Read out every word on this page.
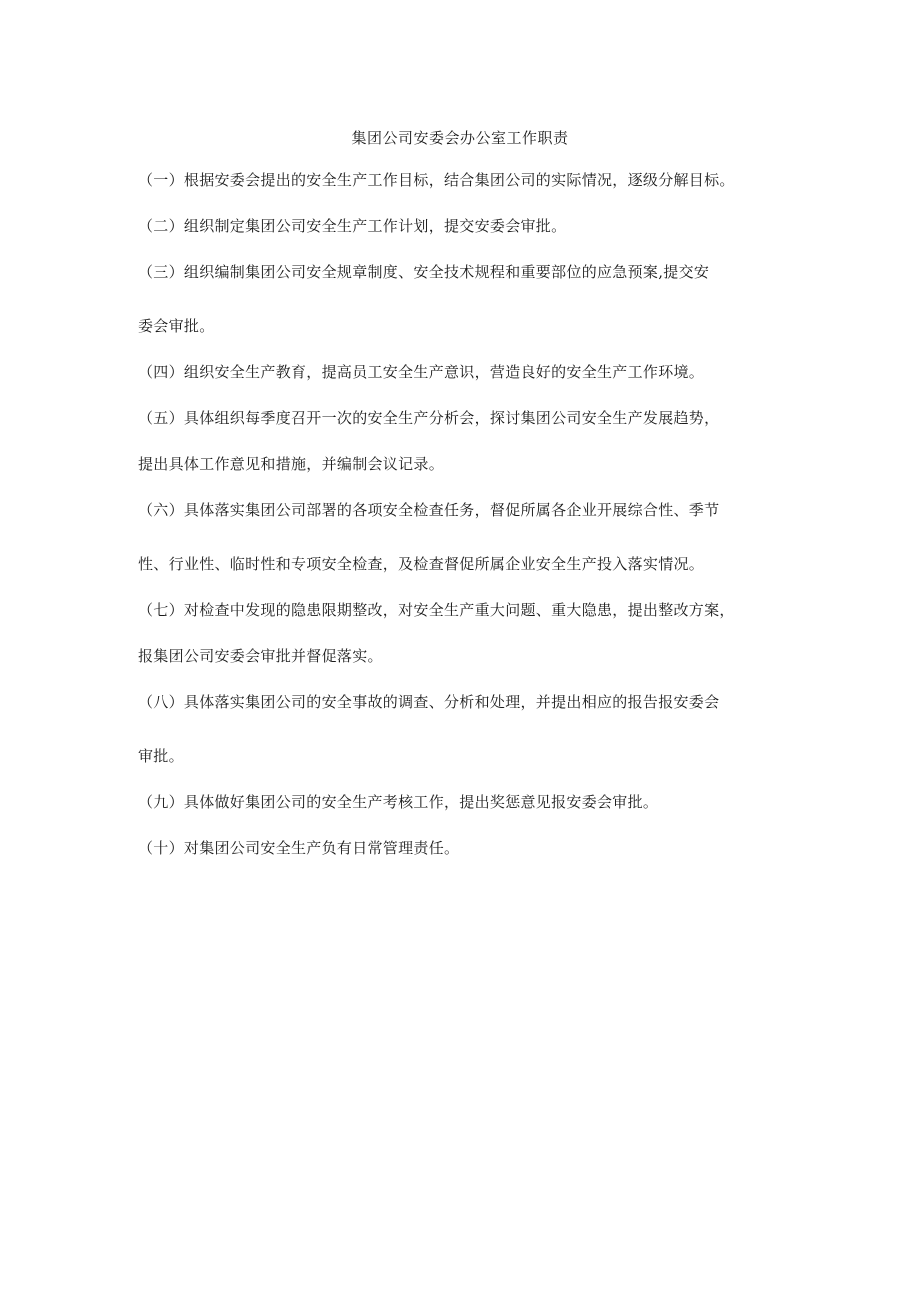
集团公司安委会办公室工作职责

（一）根据安委会提出的安全生产工作目标，结合集团公司的实际情况，逐级分解目标。

（二）组织制定集团公司安全生产工作计划，提交安委会审批。

（三）组织编制集团公司安全规章制度、安全技术规程和重要部位的应急预案,提交安
委会审批。

（四）组织安全生产教育，提高员工安全生产意识，营造良好的安全生产工作环境。

（五）具体组织每季度召开一次的安全生产分析会，探讨集团公司安全生产发展趋势，
提出具体工作意见和措施，并编制会议记录。

（六）具体落实集团公司部署的各项安全检查任务，督促所属各企业开展综合性、季节
性、行业性、临时性和专项安全检查，及检查督促所属企业安全生产投入落实情况。

（七）对检查中发现的隐患限期整改，对安全生产重大问题、重大隐患，提出整改方案，
报集团公司安委会审批并督促落实。

（八）具体落实集团公司的安全事故的调查、分析和处理，并提出相应的报告报安委会
审批。

（九）具体做好集团公司的安全生产考核工作，提出奖惩意见报安委会审批。

（十）对集团公司安全生产负有日常管理责任。
